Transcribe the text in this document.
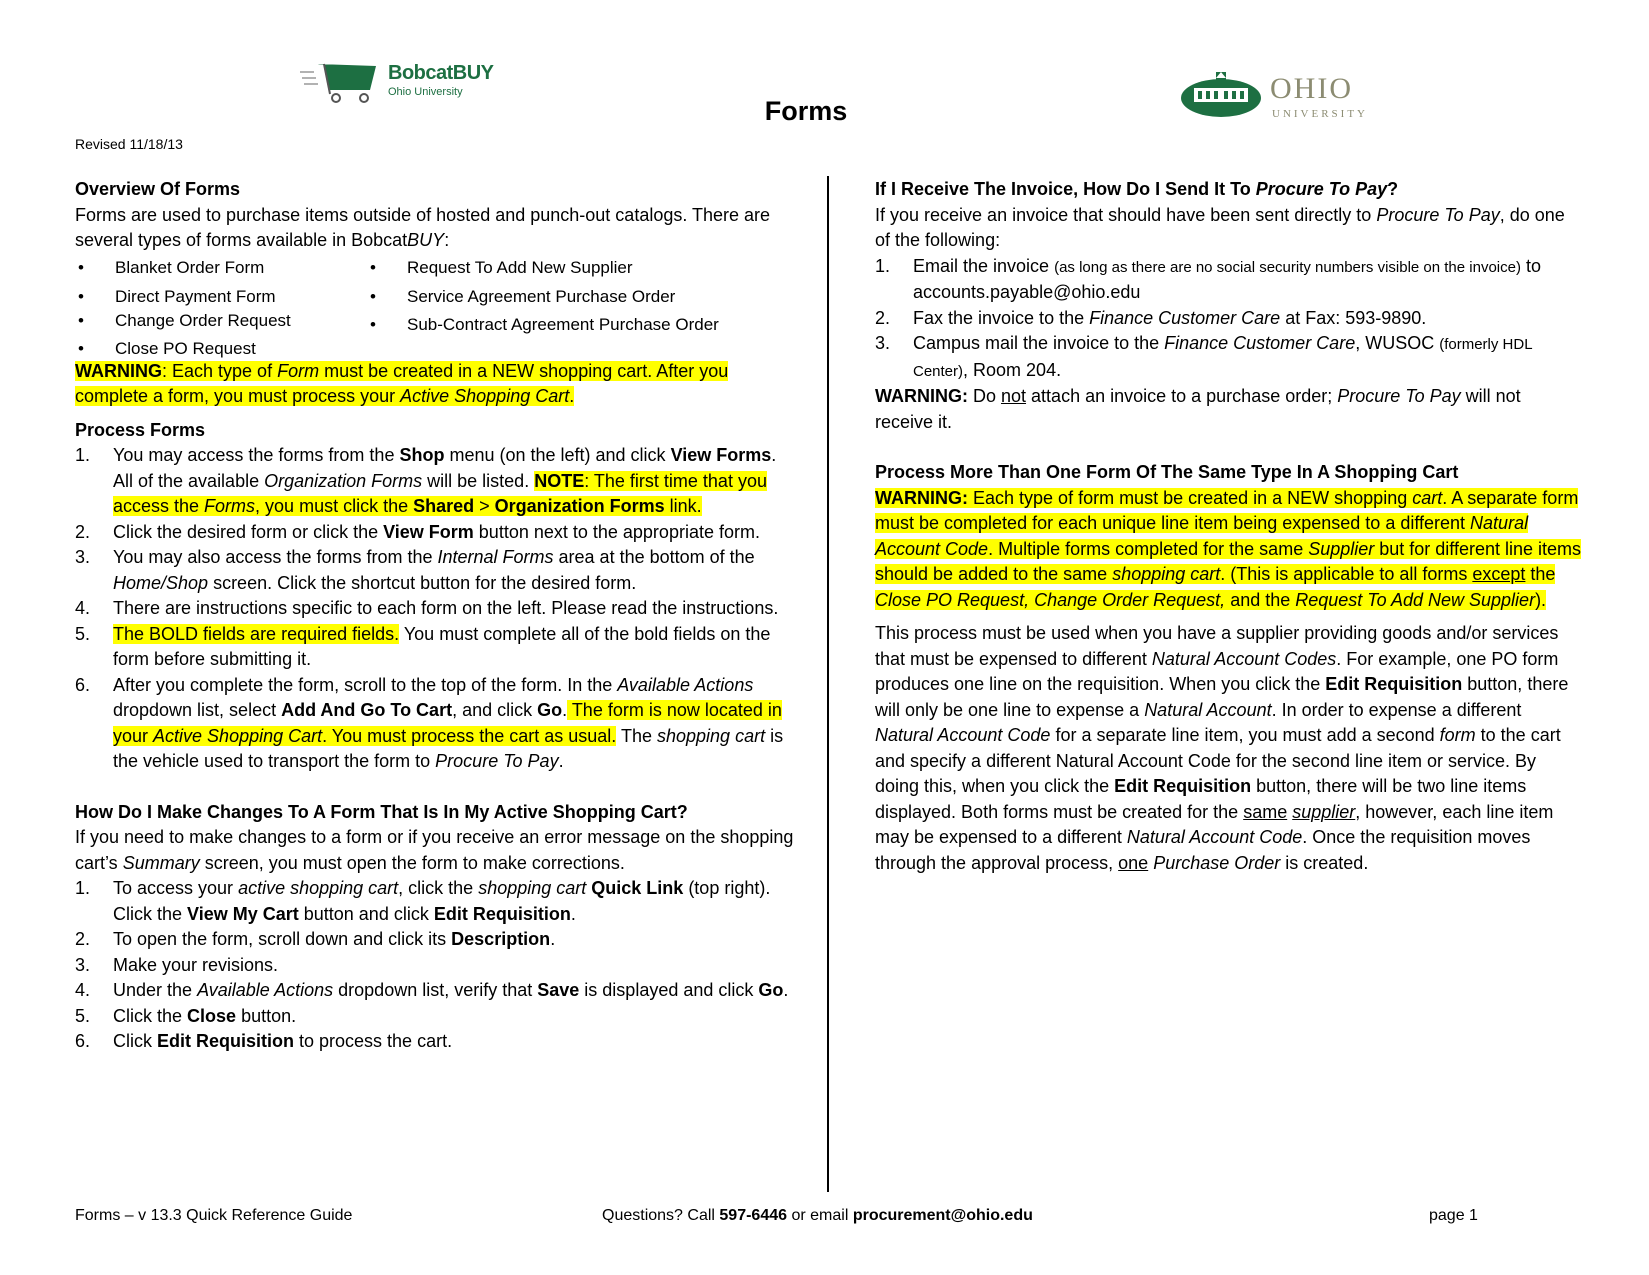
BobcatBUY
Ohio University
Forms
OHIO
UNIVERSITY
Revised 11/18/13
Overview Of Forms

Forms are used to purchase items outside of hosted and punch-out catalogs. There are several types of forms available in BobcatBUY:

• Blanket Order Form
• Direct Payment Form
• Change Order Request
• Close PO Request
• Request To Add New Supplier
• Service Agreement Purchase Order
• Sub-Contract Agreement Purchase Order

WARNING: Each type of Form must be created in a NEW shopping cart. After you complete a form, you must process your Active Shopping Cart.

Process Forms
1. You may access the forms from the Shop menu (on the left) and click View Forms. All of the available Organization Forms will be listed. NOTE: The first time that you access the Forms, you must click the Shared > Organization Forms link.
2. Click the desired form or click the View Form button next to the appropriate form.
3. You may also access the forms from the Internal Forms area at the bottom of the Home/Shop screen. Click the shortcut button for the desired form.
4. There are instructions specific to each form on the left. Please read the instructions.
5. The BOLD fields are required fields. You must complete all of the bold fields on the form before submitting it.
6. After you complete the form, scroll to the top of the form. In the Available Actions dropdown list, select Add And Go To Cart, and click Go. The form is now located in your Active Shopping Cart. You must process the cart as usual. The shopping cart is the vehicle used to transport the form to Procure To Pay.
How Do I Make Changes To A Form That Is In My Active Shopping Cart?

If you need to make changes to a form or if you receive an error message on the shopping cart’s Summary screen, you must open the form to make corrections.

1. To access your active shopping cart, click the shopping cart Quick Link (top right). Click the View My Cart button and click Edit Requisition.
2. To open the form, scroll down and click its Description.
3. Make your revisions.
4. Under the Available Actions dropdown list, verify that Save is displayed and click Go.
5. Click the Close button.
6. Click Edit Requisition to process the cart.
If I Receive The Invoice, How Do I Send It To Procure To Pay?

If you receive an invoice that should have been sent directly to Procure To Pay, do one of the following:

1. Email the invoice (as long as there are no social security numbers visible on the invoice) to accounts.payable@ohio.edu
2. Fax the invoice to the Finance Customer Care at Fax: 593-9890.
3. Campus mail the invoice to the Finance Customer Care, WUSOC (formerly HDL Center), Room 204.

WARNING: Do not attach an invoice to a purchase order; Procure To Pay will not receive it.

Process More Than One Form Of The Same Type In A Shopping Cart

WARNING: Each type of form must be created in a NEW shopping cart. A separate form must be completed for each unique line item being expensed to a different Natural Account Code. Multiple forms completed for the same Supplier but for different line items should be added to the same shopping cart. (This is applicable to all forms except the Close PO Request, Change Order Request, and the Request To Add New Supplier).

This process must be used when you have a supplier providing goods and/or services that must be expensed to different Natural Account Codes. For example, one PO form produces one line on the requisition. When you click the Edit Requisition button, there will only be one line to expense a Natural Account. In order to expense a different Natural Account Code for a separate line item, you must add a second form to the cart and specify a different Natural Account Code for the second line item or service. By doing this, when you click the Edit Requisition button, there will be two line items displayed. Both forms must be created for the same supplier, however, each line item may be expensed to a different Natural Account Code. Once the requisition moves through the approval process, one Purchase Order is created.

Forms – v 13.3 Quick Reference Guide	Questions? Call 597-6446 or email procurement@ohio.edu	page 1
